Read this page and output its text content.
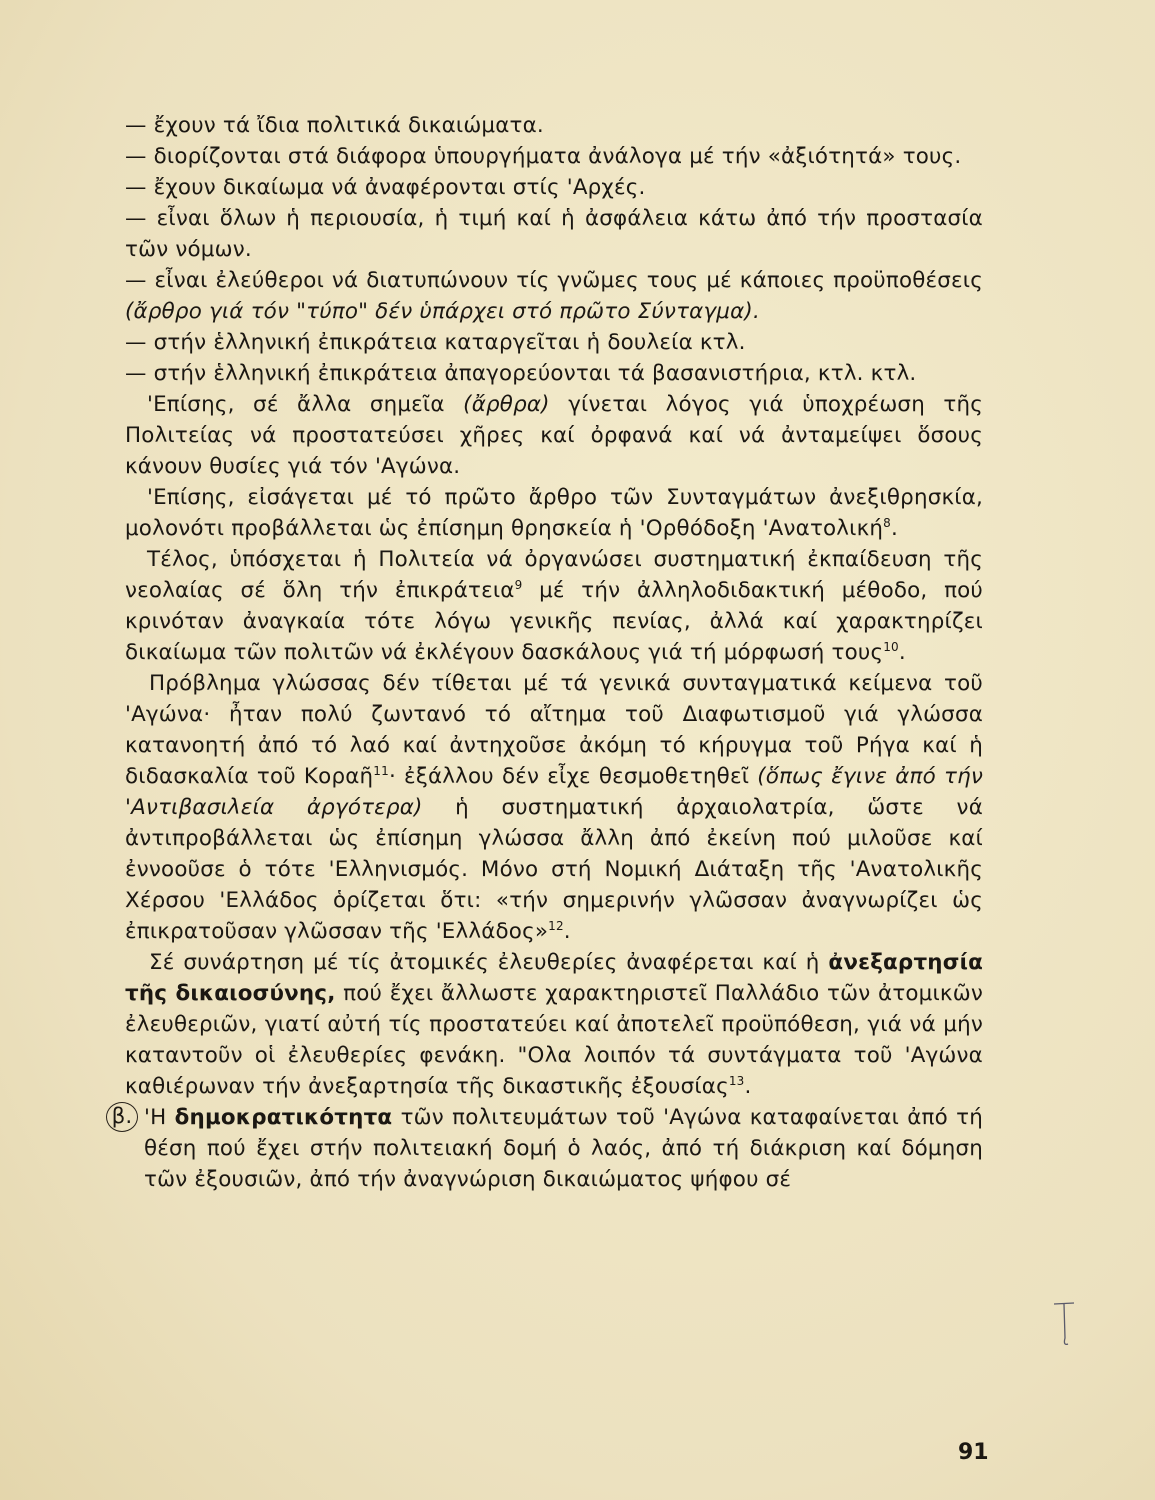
— ἔχουν τά ἴδια πολιτικά δικαιώματα.

— διορίζονται στά διάφορα ὑπουργήματα ἀνάλογα μέ τήν «ἀξιότητά» τους.

— ἔχουν δικαίωμα νά ἀναφέρονται στίς 'Αρχές.

— εἶναι ὅλων ἡ περιουσία, ἡ τιμή καί ἡ ἀσφάλεια κάτω ἀπό τήν προστασία τῶν νόμων.

— εἶναι ἐλεύθεροι νά διατυπώνουν τίς γνῶμες τους μέ κάποιες προϋποθέσεις (ἄρθρο γιά τόν "τύπο" δέν ὑπάρχει στό πρῶτο Σύνταγμα).

— στήν ἑλληνική ἐπικράτεια καταργεῖται ἡ δουλεία κτλ.

— στήν ἑλληνική ἐπικράτεια ἀπαγορεύονται τά βασανιστήρια, κτλ. κτλ.

'Επίσης, σέ ἄλλα σημεῖα (ἄρθρα) γίνεται λόγος γιά ὑποχρέωση τῆς Πολιτείας νά προστατεύσει χῆρες καί ὀρφανά καί νά ἀνταμείψει ὅσους κάνουν θυσίες γιά τόν 'Αγώνα.

'Επίσης, εἰσάγεται μέ τό πρῶτο ἄρθρο τῶν Συνταγμάτων ἀνεξιθρησκία, μολονότι προβάλλεται ὡς ἐπίσημη θρησκεία ἡ 'Ορθόδοξη 'Ανατολική$^8$.

Τέλος, ὑπόσχεται ἡ Πολιτεία νά ὀργανώσει συστηματική ἐκπαίδευση τῆς νεολαίας σέ ὅλη τήν ἐπικράτεια$^9$ μέ τήν ἀλληλοδιδακτική μέθοδο, πού κρινόταν ἀναγκαία τότε λόγω γενικῆς πενίας, ἀλλά καί χαρακτηρίζει δικαίωμα τῶν πολιτῶν νά ἐκλέγουν δασκάλους γιά τή μόρφωσή τους$^{10}$.

Πρόβλημα γλώσσας δέν τίθεται μέ τά γενικά συνταγματικά κείμενα τοῦ 'Αγώνα· ἦταν πολύ ζωντανό τό αἴτημα τοῦ Διαφωτισμοῦ γιά γλώσσα κατανοητή ἀπό τό λαό καί ἀντηχοῦσε ἀκόμη τό κήρυγμα τοῦ Ρήγα καί ἡ διδασκαλία τοῦ Κοραῆ$^{11}$· ἐξάλλου δέν εἶχε θεσμοθετηθεῖ (ὅπως ἔγινε ἀπό τήν 'Αντιβασιλεία ἀργότερα) ἡ συστηματική ἀρχαιολατρία, ὥστε νά ἀντιπροβάλλεται ὡς ἐπίσημη γλώσσα ἄλλη ἀπό ἐκείνη πού μιλοῦσε καί ἐννοοῦσε ὁ τότε 'Ελληνισμός. Μόνο στή Νομική Διάταξη τῆς 'Ανατολικῆς Χέρσου 'Ελλάδος ὁρίζεται ὅτι: «τήν σημερινήν γλῶσσαν ἀναγνωρίζει ὡς ἐπικρατοῦσαν γλῶσσαν τῆς 'Ελλάδος»$^{12}$.

Σέ συνάρτηση μέ τίς ἀτομικές ἐλευθερίες ἀναφέρεται καί ἡ ἀνεξαρτησία τῆς δικαιοσύνης, πού ἔχει ἄλλωστε χαρακτηριστεῖ Παλλάδιο τῶν ἀτομικῶν ἐλευθεριῶν, γιατί αὐτή τίς προστατεύει καί ἀποτελεῖ προϋπόθεση, γιά νά μήν καταντοῦν οἱ ἐλευθερίες φενάκη. "Ολα λοιπόν τά συντάγματα τοῦ 'Αγώνα καθιέρωναν τήν ἀνεξαρτησία τῆς δικαστικῆς ἐξουσίας$^{13}$.

β. 'Η δημοκρατικότητα τῶν πολιτευμάτων τοῦ 'Αγώνα καταφαίνεται ἀπό τή θέση πού ἔχει στήν πολιτειακή δομή ὁ λαός, ἀπό τή διάκριση καί δόμηση τῶν ἐξουσιῶν, ἀπό τήν ἀναγνώριση δικαιώματος ψήφου σέ

91
